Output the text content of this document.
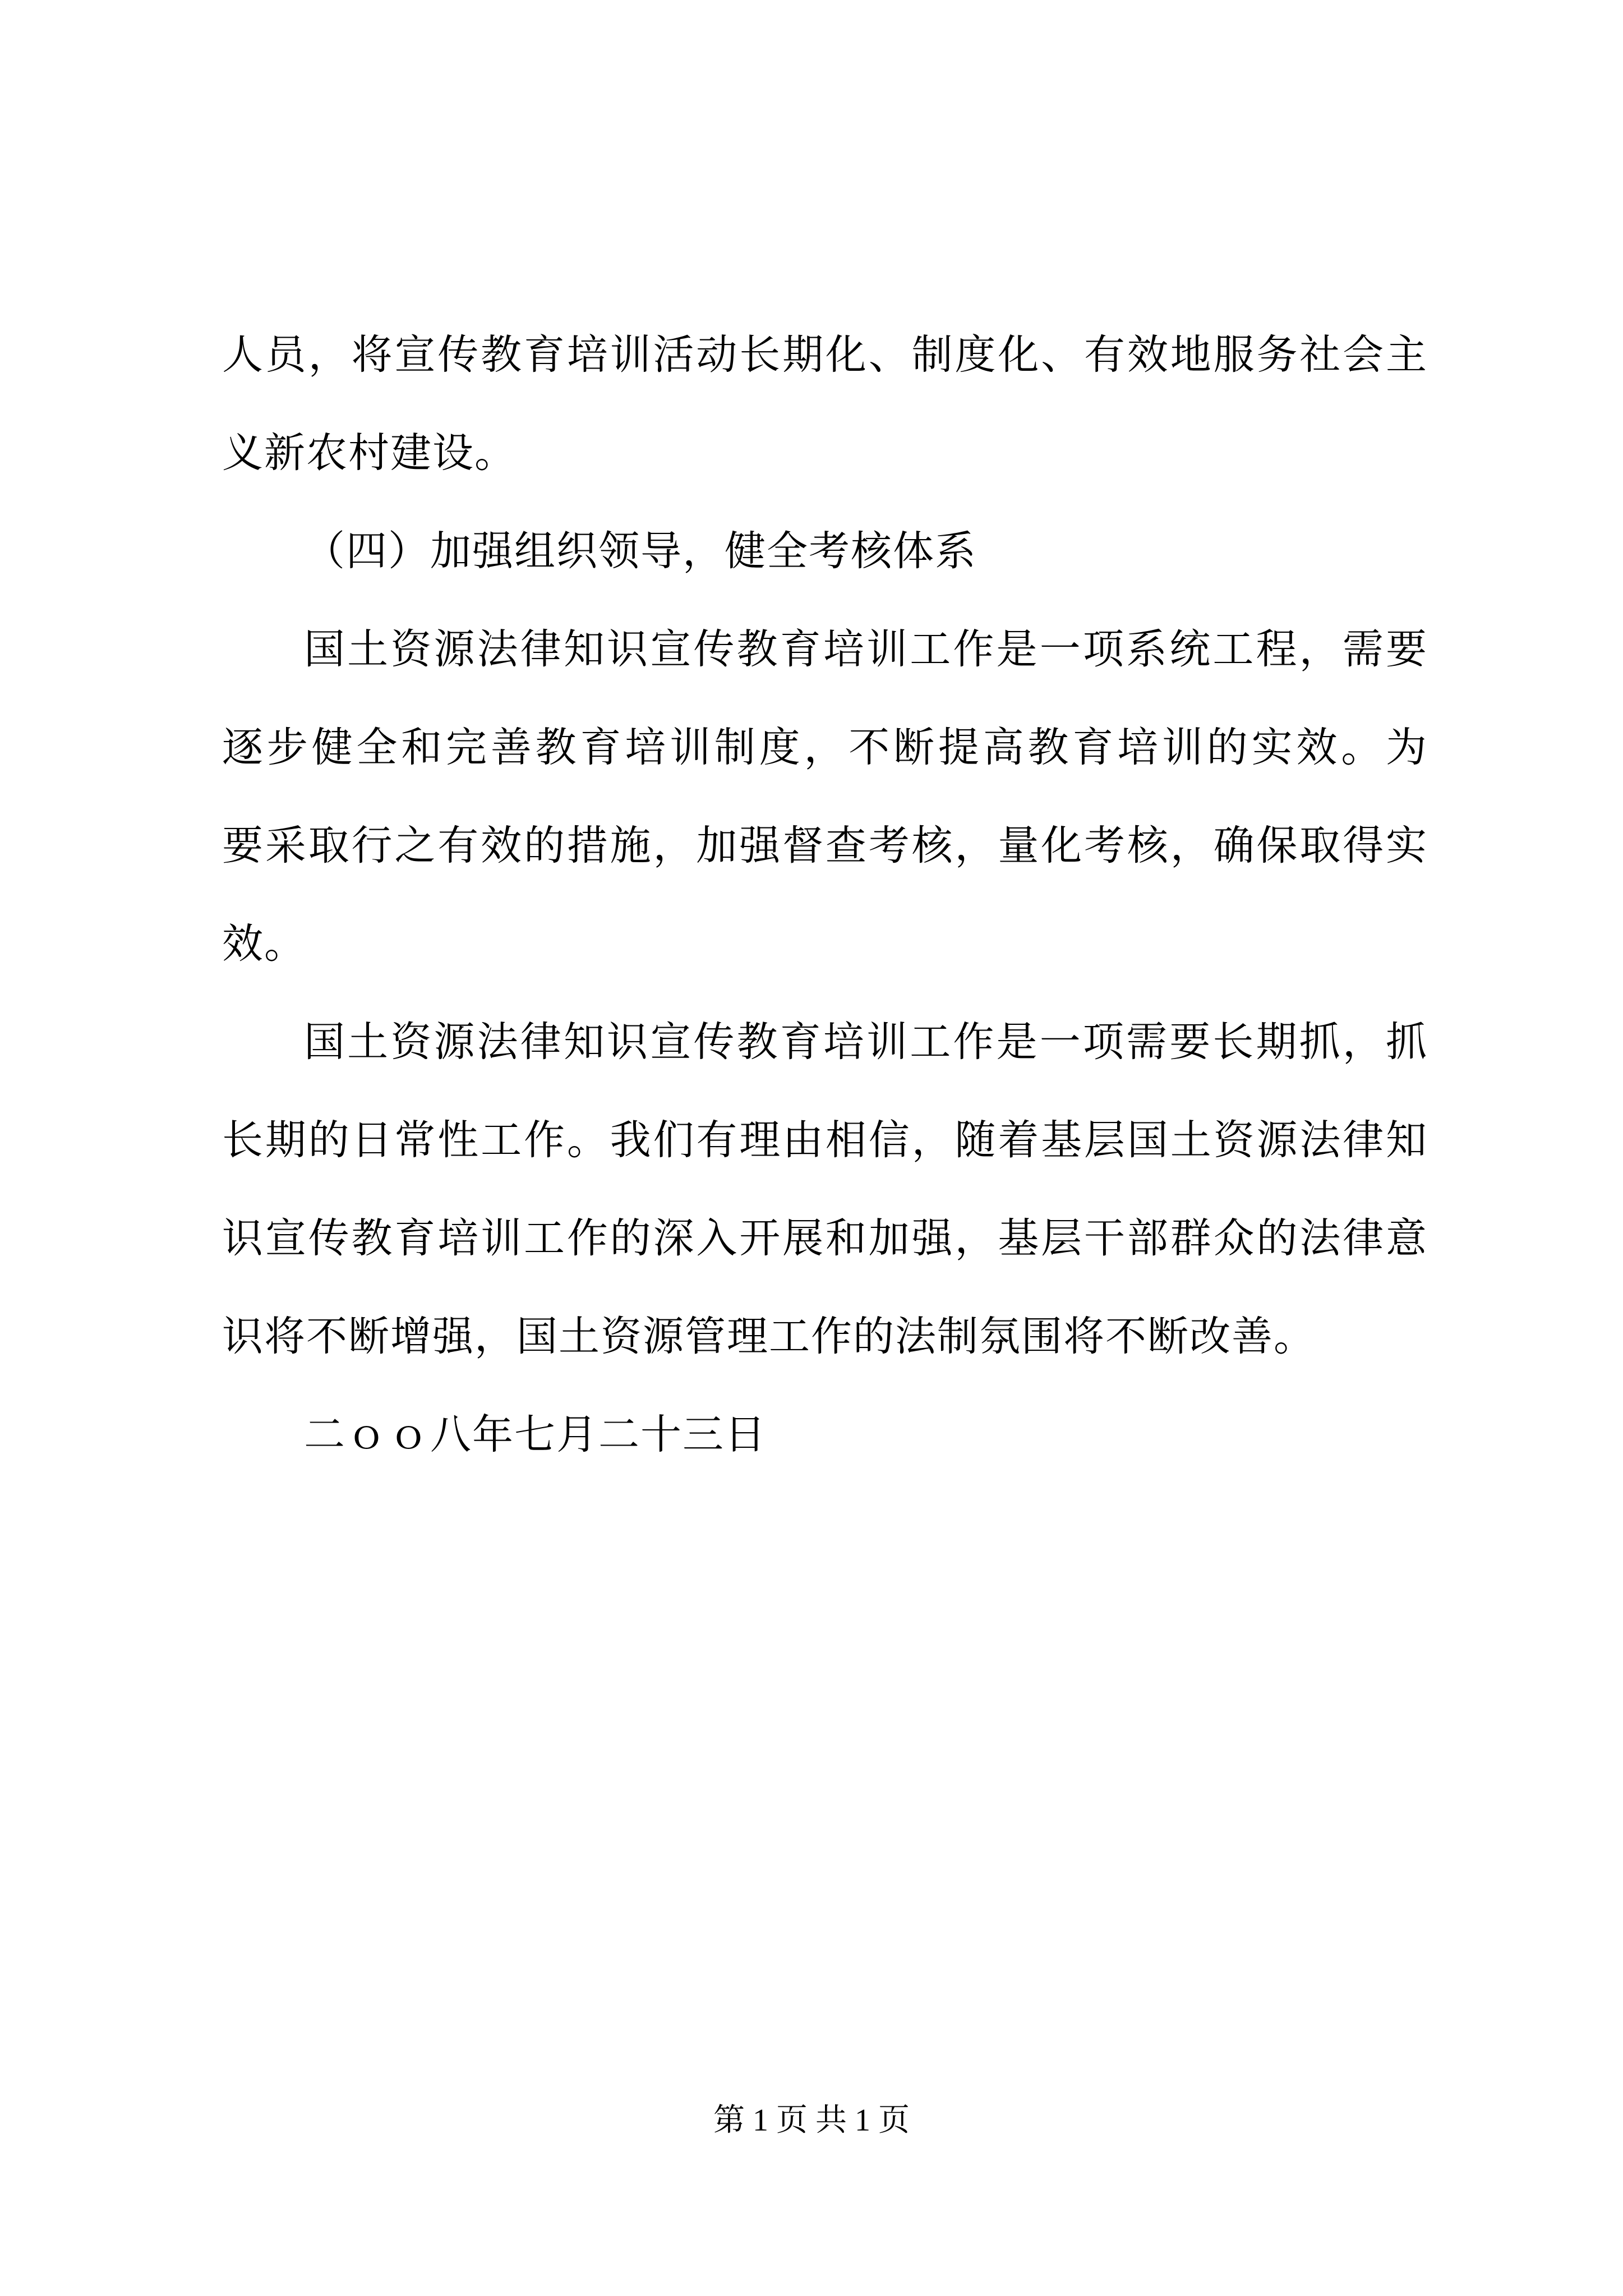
人员，将宣传教育培训活动长期化、制度化、有效地服务社会主
义新农村建设。
（四）加强组织领导，健全考核体系
国土资源法律知识宣传教育培训工作是一项系统工程，需要
逐步健全和完善教育培训制度，不断提高教育培训的实效。为
要采取行之有效的措施，加强督查考核，量化考核，确保取得实
效。
国土资源法律知识宣传教育培训工作是一项需要长期抓，抓
长期的日常性工作。我们有理由相信，随着基层国土资源法律知
识宣传教育培训工作的深入开展和加强，基层干部群众的法律意
识将不断增强，国土资源管理工作的法制氛围将不断改善。
二ｏｏ八年七月二十三日
第 1 页 共 1 页
